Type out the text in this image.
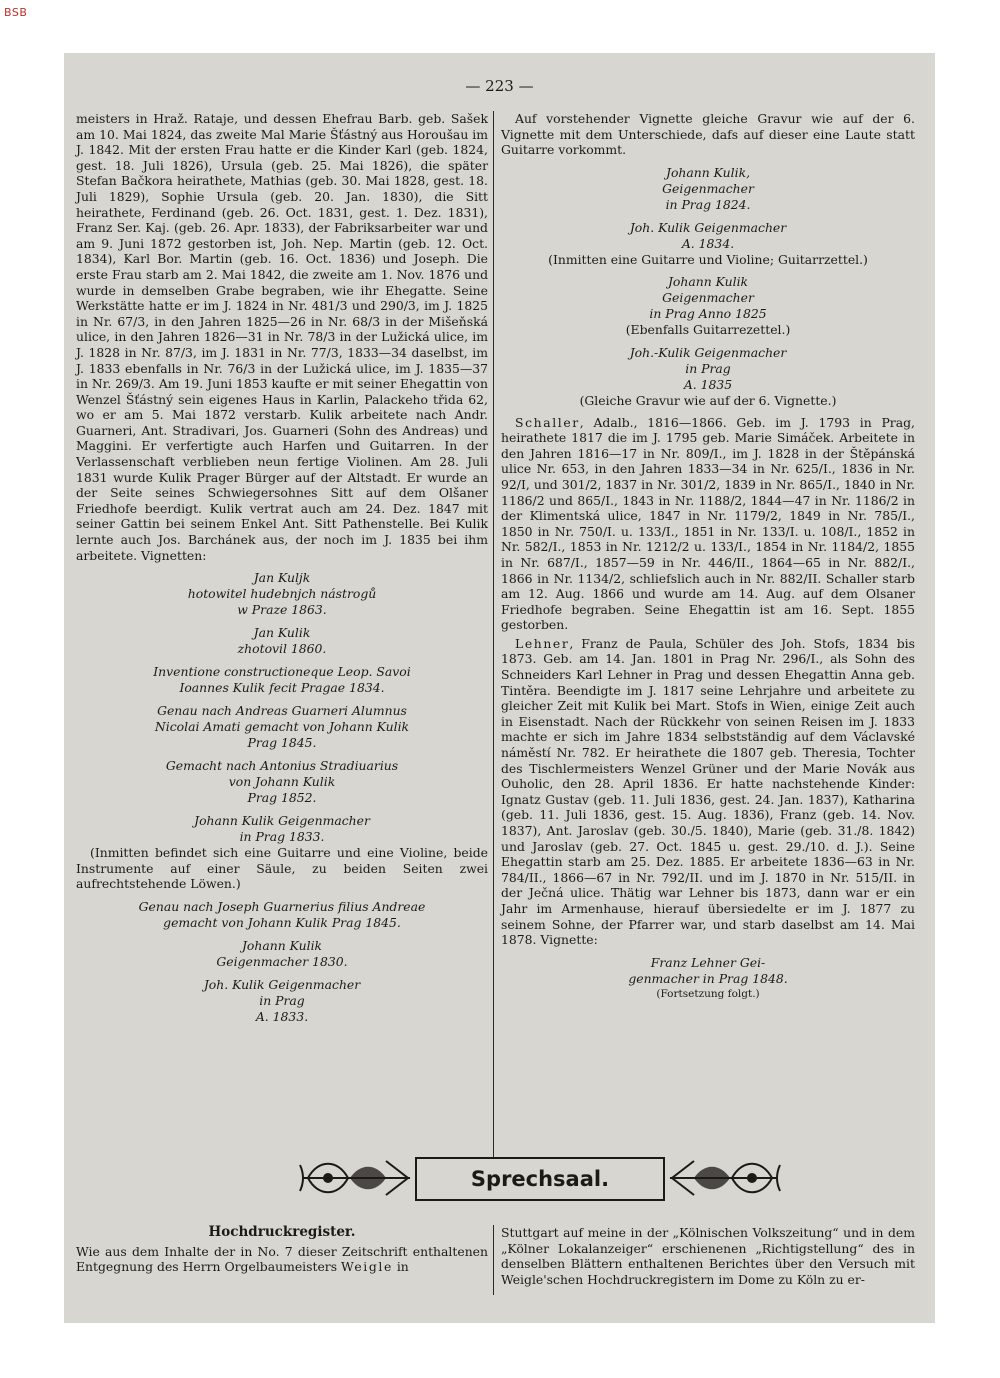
BSB
— 223 —

meisters in Hraž. Rataje, und dessen Ehefrau Barb. geb. Sašek am 10. Mai 1824, das zweite Mal Marie Šťástný aus Horoušau im J. 1842. Mit der ersten Frau hatte er die Kinder Karl (geb. 1824, gest. 18. Juli 1826), Ursula (geb. 25. Mai 1826), die später Stefan Bačkora heirathete, Mathias (geb. 30. Mai 1828, gest. 18. Juli 1829), Sophie Ursula (geb. 20. Jan. 1830), die Sitt heirathete, Ferdinand (geb. 26. Oct. 1831, gest. 1. Dez. 1831), Franz Ser. Kaj. (geb. 26. Apr. 1833), der Fabriksarbeiter war und am 9. Juni 1872 gestorben ist, Joh. Nep. Martin (geb. 12. Oct. 1834), Karl Bor. Martin (geb. 16. Oct. 1836) und Joseph. Die erste Frau starb am 2. Mai 1842, die zweite am 1. Nov. 1876 und wurde in demselben Grabe begraben, wie ihr Ehegatte. Seine Werkstätte hatte er im J. 1824 in Nr. 481/3 und 290/3, im J. 1825 in Nr. 67/3, in den Jahren 1825—26 in Nr. 68/3 in der Mišeňská ulice, in den Jahren 1826—31 in Nr. 78/3 in der Lužická ulice, im J. 1828 in Nr. 87/3, im J. 1831 in Nr. 77/3, 1833—34 daselbst, im J. 1833 ebenfalls in Nr. 76/3 in der Lužická ulice, im J. 1835—37 in Nr. 269/3. Am 19. Juni 1853 kaufte er mit seiner Ehegattin von Wenzel Šťástný sein eigenes Haus in Karlin, Palackeho třida 62, wo er am 5. Mai 1872 verstarb. Kulik arbeitete nach Andr. Guarneri, Ant. Stradivari, Jos. Guarneri (Sohn des Andreas) und Maggini. Er verfertigte auch Harfen und Guitarren. In der Verlassenschaft verblieben neun fertige Violinen. Am 28. Juli 1831 wurde Kulik Prager Bürger auf der Altstadt. Er wurde an der Seite seines Schwiegersohnes Sitt auf dem Olšaner Friedhofe beerdigt. Kulik vertrat auch am 24. Dez. 1847 mit seiner Gattin bei seinem Enkel Ant. Sitt Pathenstelle. Bei Kulik lernte auch Jos. Barchánek aus, der noch im J. 1835 bei ihm arbeitete. Vignetten:

Jan Kuljk
hotowitel hudebnjch nástrogů
w Praze 1863.
Jan Kulik
zhotovil 1860.
Inventione constructioneque Leop. Savoi
Ioannes Kulik fecit Pragae 1834.
Genau nach Andreas Guarneri Alumnus
Nicolai Amati gemacht von Johann Kulik
Prag 1845.
Gemacht nach Antonius Stradiuarius
von Johann Kulik
Prag 1852.
Johann Kulik Geigenmacher
in Prag 1833.

(Inmitten befindet sich eine Guitarre und eine Violine, beide Instrumente auf einer Säule, zu beiden Seiten zwei aufrechtstehende Löwen.)

Genau nach Joseph Guarnerius filius Andreae
gemacht von Johann Kulik Prag 1845.
Johann Kulik
Geigenmacher 1830.
Joh. Kulik Geigenmacher
in Prag
A. 1833.

Auf vorstehender Vignette gleiche Gravur wie auf der 6. Vignette mit dem Unterschiede, dafs auf dieser eine Laute statt Guitarre vorkommt.

Johann Kulik,
Geigenmacher
in Prag 1824.
Joh. Kulik Geigenmacher
A. 1834.

(Inmitten eine Guitarre und Violine; Guitarrzettel.)

Johann Kulik
Geigenmacher
in Prag Anno 1825

(Ebenfalls Guitarrezettel.)

Joh.-Kulik Geigenmacher
in Prag
A. 1835

(Gleiche Gravur wie auf der 6. Vignette.)

Schaller, Adalb., 1816—1866. Geb. im J. 1793 in Prag, heirathete 1817 die im J. 1795 geb. Marie Simáček. Arbeitete in den Jahren 1816—17 in Nr. 809/I., im J. 1828 in der Štěpánská ulice Nr. 653, in den Jahren 1833—34 in Nr. 625/I., 1836 in Nr. 92/I, und 301/2, 1837 in Nr. 301/2, 1839 in Nr. 865/I., 1840 in Nr. 1186/2 und 865/I., 1843 in Nr. 1188/2, 1844—47 in Nr. 1186/2 in der Klimentská ulice, 1847 in Nr. 1179/2, 1849 in Nr. 785/I., 1850 in Nr. 750/I. u. 133/I., 1851 in Nr. 133/I. u. 108/I., 1852 in Nr. 582/I., 1853 in Nr. 1212/2 u. 133/I., 1854 in Nr. 1184/2, 1855 in Nr. 687/I., 1857—59 in Nr. 446/II., 1864—65 in Nr. 882/I., 1866 in Nr. 1134/2, schliefslich auch in Nr. 882/II. Schaller starb am 12. Aug. 1866 und wurde am 14. Aug. auf dem Olsaner Friedhofe begraben. Seine Ehegattin ist am 16. Sept. 1855 gestorben.

Lehner, Franz de Paula, Schüler des Joh. Stofs, 1834 bis 1873. Geb. am 14. Jan. 1801 in Prag Nr. 296/I., als Sohn des Schneiders Karl Lehner in Prag und dessen Ehegattin Anna geb. Tintěra. Beendigte im J. 1817 seine Lehrjahre und arbeitete zu gleicher Zeit mit Kulik bei Mart. Stofs in Wien, einige Zeit auch in Eisenstadt. Nach der Rückkehr von seinen Reisen im J. 1833 machte er sich im Jahre 1834 selbstständig auf dem Václavské náměstí Nr. 782. Er heirathete die 1807 geb. Theresia, Tochter des Tischlermeisters Wenzel Grüner und der Marie Novák aus Ouholic, den 28. April 1836. Er hatte nachstehende Kinder: Ignatz Gustav (geb. 11. Juli 1836, gest. 24. Jan. 1837), Katharina (geb. 11. Juli 1836, gest. 15. Aug. 1836), Franz (geb. 14. Nov. 1837), Ant. Jaroslav (geb. 30./5. 1840), Marie (geb. 31./8. 1842) und Jaroslav (geb. 27. Oct. 1845 u. gest. 29./10. d. J.). Seine Ehegattin starb am 25. Dez. 1885. Er arbeitete 1836—63 in Nr. 784/II., 1866—67 in Nr. 792/II. und im J. 1870 in Nr. 515/II. in der Ječná ulice. Thätig war Lehner bis 1873, dann war er ein Jahr im Armenhause, hierauf übersiedelte er im J. 1877 zu seinem Sohne, der Pfarrer war, und starb daselbst am 14. Mai 1878. Vignette:

Franz Lehner Gei-
genmacher in Prag 1848.

(Fortsetzung folgt.)

Sprechsaal.
Hochdruckregister.

Wie aus dem Inhalte der in No. 7 dieser Zeitschrift enthaltenen Entgegnung des Herrn Orgelbaumeisters Weigle in

Stuttgart auf meine in der „Kölnischen Volkszeitung“ und in dem „Kölner Lokalanzeiger“ erschienenen „Richtigstellung“ des in denselben Blättern enthaltenen Berichtes über den Versuch mit Weigle'schen Hochdruckregistern im Dome zu Köln zu er-
